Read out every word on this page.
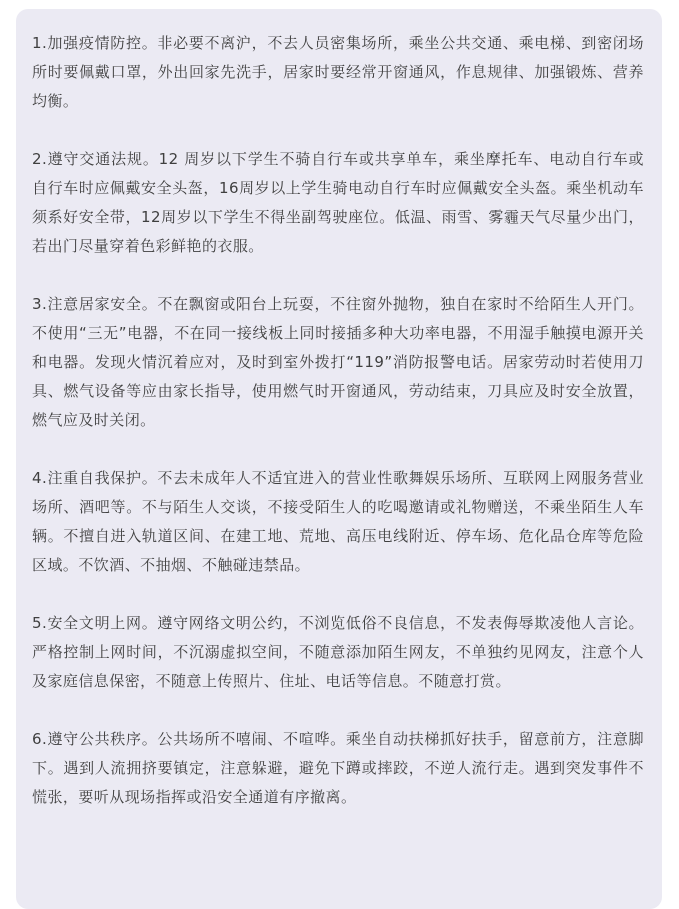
1.加强疫情防控。非必要不离沪，不去人员密集场所，乘坐公共交通、乘电梯、到密闭场所时要佩戴口罩，外出回家先洗手，居家时要经常开窗通风，作息规律、加强锻炼、营养均衡。

2.遵守交通法规。12 周岁以下学生不骑自行车或共享单车，乘坐摩托车、电动自行车或自行车时应佩戴安全头盔，16周岁以上学生骑电动自行车时应佩戴安全头盔。乘坐机动车须系好安全带，12周岁以下学生不得坐副驾驶座位。低温、雨雪、雾霾天气尽量少出门，若出门尽量穿着色彩鲜艳的衣服。

3.注意居家安全。不在飘窗或阳台上玩耍，不往窗外抛物，独自在家时不给陌生人开门。不使用“三无”电器，不在同一接线板上同时接插多种大功率电器，不用湿手触摸电源开关和电器。发现火情沉着应对，及时到室外拨打“119”消防报警电话。居家劳动时若使用刀具、燃气设备等应由家长指导，使用燃气时开窗通风，劳动结束，刀具应及时安全放置，燃气应及时关闭。

4.注重自我保护。不去未成年人不适宜进入的营业性歌舞娱乐场所、互联网上网服务营业场所、酒吧等。不与陌生人交谈，不接受陌生人的吃喝邀请或礼物赠送，不乘坐陌生人车辆。不擅自进入轨道区间、在建工地、荒地、高压电线附近、停车场、危化品仓库等危险区域。不饮酒、不抽烟、不触碰违禁品。

5.安全文明上网。遵守网络文明公约，不浏览低俗不良信息，不发表侮辱欺凌他人言论。严格控制上网时间，不沉溺虚拟空间，不随意添加陌生网友，不单独约见网友，注意个人及家庭信息保密，不随意上传照片、住址、电话等信息。不随意打赏。

6.遵守公共秩序。公共场所不嘻闹、不喧哗。乘坐自动扶梯抓好扶手，留意前方，注意脚下。遇到人流拥挤要镇定，注意躲避，避免下蹲或摔跤，不逆人流行走。遇到突发事件不慌张，要听从现场指挥或沿安全通道有序撤离。
